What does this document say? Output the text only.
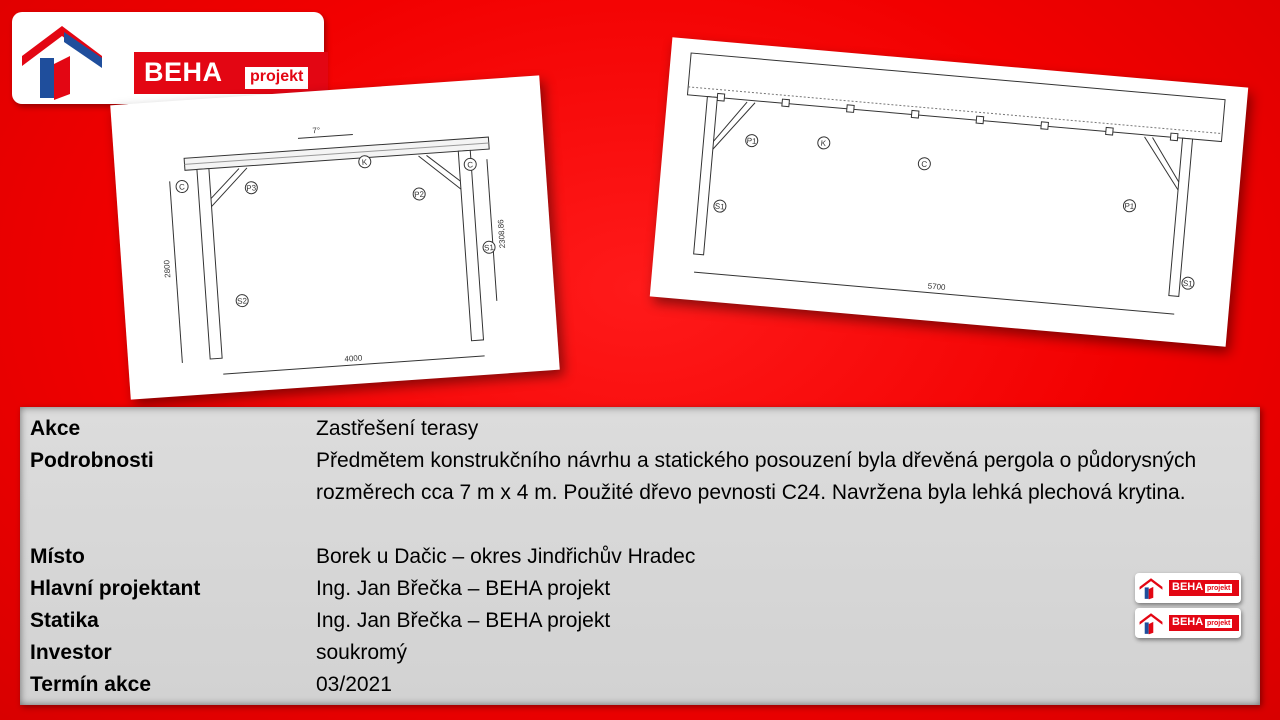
BEHA	projekt
7°
C
C
K
P3
P2
S1
S2
2800
2308,86
4000
P1	K
C
P1
S1
S1
5700
Akce	Zastřešení terasy
Podrobnosti	Předmětem konstrukčního návrhu a statického posouzení byla dřevěná pergola o půdorysných rozměrech cca 7 m x 4 m. Použité dřevo pevnosti C24. Navržena byla lehká plechová krytina.
Místo	Borek u Dačic – okres Jindřichův Hradec
Hlavní projektant	Ing. Jan Břečka – BEHA projekt
Statika	Ing. Jan Břečka – BEHA projekt
Investor	soukromý
Termín akce	03/2021
BEHA projekt
BEHA projekt
